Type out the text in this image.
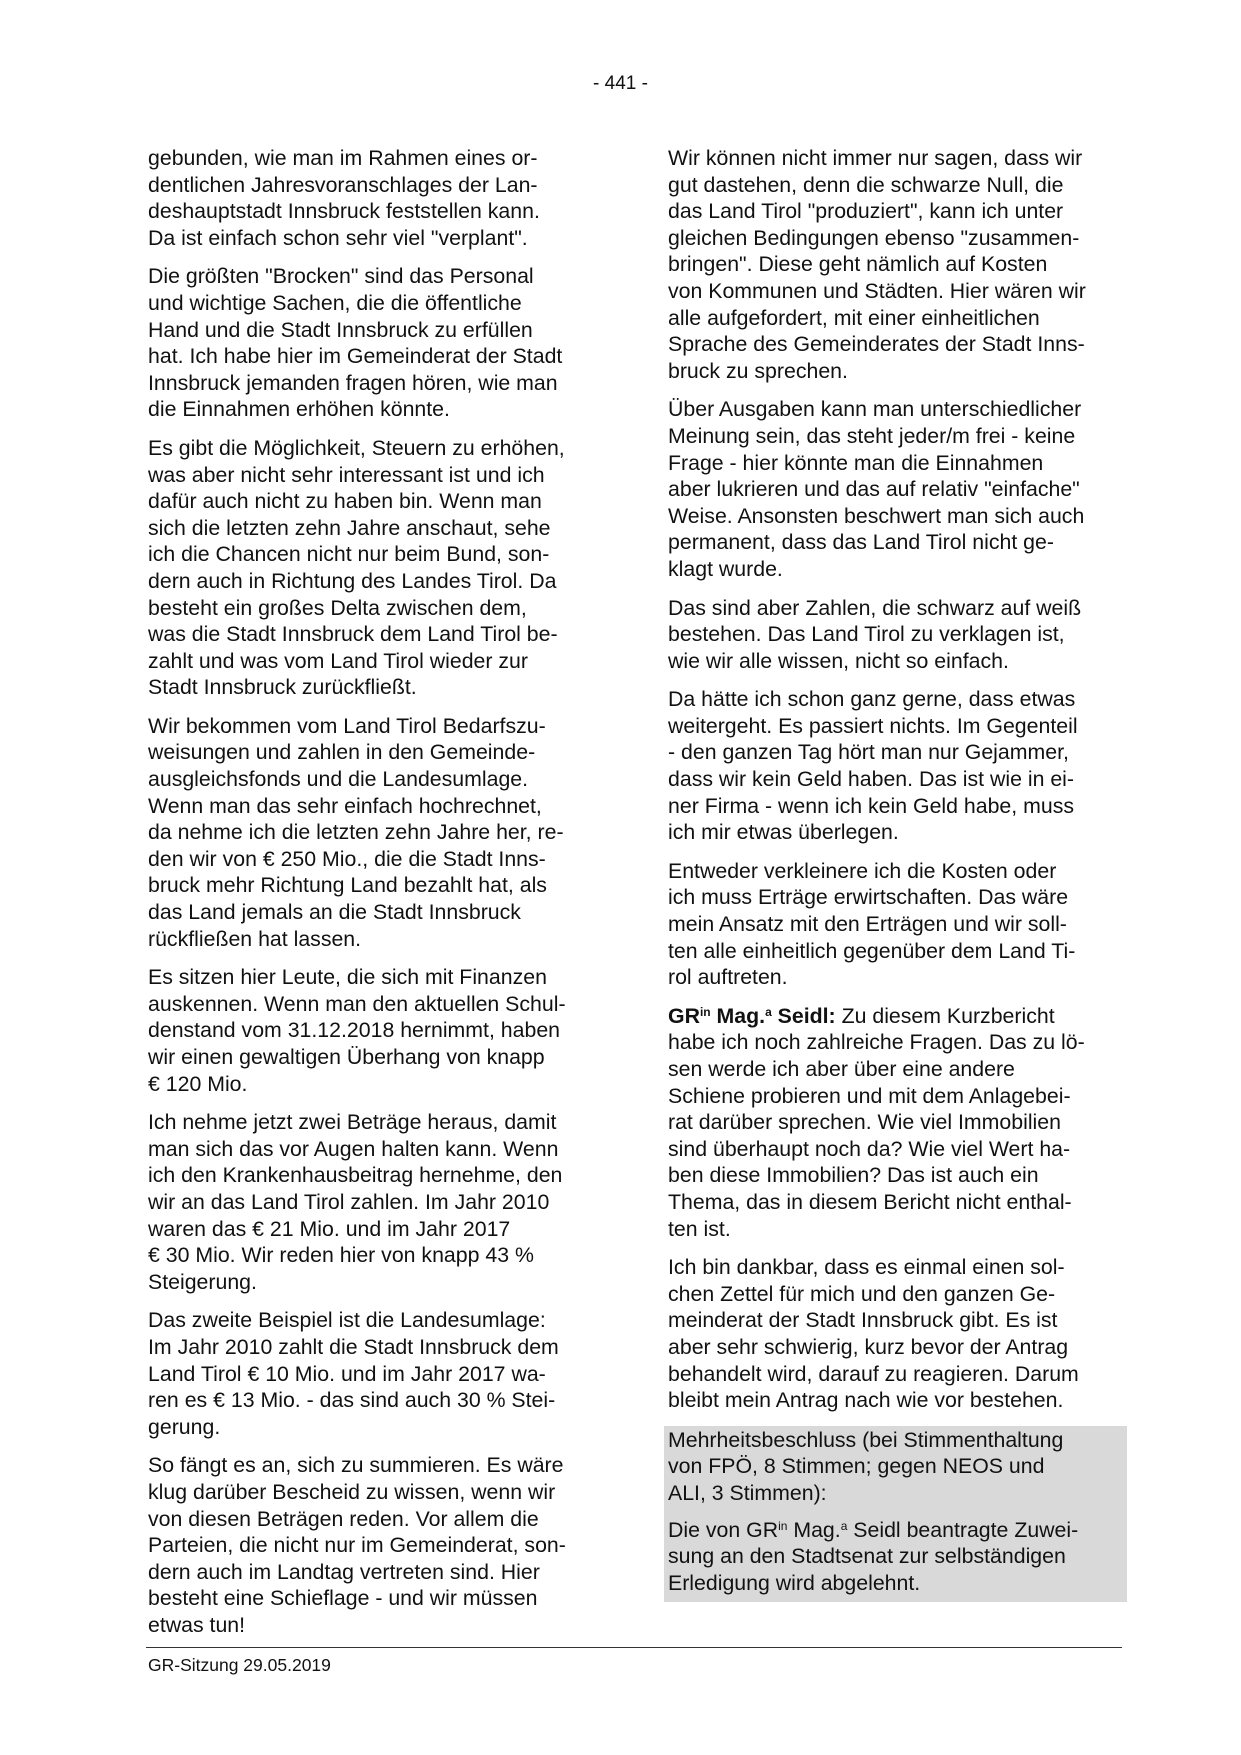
- 441 -

gebunden, wie man im Rahmen eines or-
dentlichen Jahresvoranschlages der Lan-
deshauptstadt Innsbruck feststellen kann.
Da ist einfach schon sehr viel "verplant".

Die größten "Brocken" sind das Personal
und wichtige Sachen, die die öffentliche
Hand und die Stadt Innsbruck zu erfüllen
hat. Ich habe hier im Gemeinderat der Stadt
Innsbruck jemanden fragen hören, wie man
die Einnahmen erhöhen könnte.

Es gibt die Möglichkeit, Steuern zu erhöhen,
was aber nicht sehr interessant ist und ich
dafür auch nicht zu haben bin. Wenn man
sich die letzten zehn Jahre anschaut, sehe
ich die Chancen nicht nur beim Bund, son-
dern auch in Richtung des Landes Tirol. Da
besteht ein großes Delta zwischen dem,
was die Stadt Innsbruck dem Land Tirol be-
zahlt und was vom Land Tirol wieder zur
Stadt Innsbruck zurückfließt.

Wir bekommen vom Land Tirol Bedarfszu-
weisungen und zahlen in den Gemeinde-
ausgleichsfonds und die Landesumlage.
Wenn man das sehr einfach hochrechnet,
da nehme ich die letzten zehn Jahre her, re-
den wir von € 250 Mio., die die Stadt Inns-
bruck mehr Richtung Land bezahlt hat, als
das Land jemals an die Stadt Innsbruck
rückfließen hat lassen.

Es sitzen hier Leute, die sich mit Finanzen
auskennen. Wenn man den aktuellen Schul-
denstand vom 31.12.2018 hernimmt, haben
wir einen gewaltigen Überhang von knapp
€ 120 Mio.

Ich nehme jetzt zwei Beträge heraus, damit
man sich das vor Augen halten kann. Wenn
ich den Krankenhausbeitrag hernehme, den
wir an das Land Tirol zahlen. Im Jahr 2010
waren das € 21 Mio. und im Jahr 2017
€ 30 Mio. Wir reden hier von knapp 43 %
Steigerung.

Das zweite Beispiel ist die Landesumlage:
Im Jahr 2010 zahlt die Stadt Innsbruck dem
Land Tirol € 10 Mio. und im Jahr 2017 wa-
ren es € 13 Mio. - das sind auch 30 % Stei-
gerung.

So fängt es an, sich zu summieren. Es wäre
klug darüber Bescheid zu wissen, wenn wir
von diesen Beträgen reden. Vor allem die
Parteien, die nicht nur im Gemeinderat, son-
dern auch im Landtag vertreten sind. Hier
besteht eine Schieflage - und wir müssen
etwas tun!

Wir können nicht immer nur sagen, dass wir
gut dastehen, denn die schwarze Null, die
das Land Tirol "produziert", kann ich unter
gleichen Bedingungen ebenso "zusammen-
bringen". Diese geht nämlich auf Kosten
von Kommunen und Städten. Hier wären wir
alle aufgefordert, mit einer einheitlichen
Sprache des Gemeinderates der Stadt Inns-
bruck zu sprechen.

Über Ausgaben kann man unterschiedlicher
Meinung sein, das steht jeder/m frei - keine
Frage - hier könnte man die Einnahmen
aber lukrieren und das auf relativ "einfache"
Weise. Ansonsten beschwert man sich auch
permanent, dass das Land Tirol nicht ge-
klagt wurde.

Das sind aber Zahlen, die schwarz auf weiß
bestehen. Das Land Tirol zu verklagen ist,
wie wir alle wissen, nicht so einfach.

Da hätte ich schon ganz gerne, dass etwas
weitergeht. Es passiert nichts. Im Gegenteil
- den ganzen Tag hört man nur Gejammer,
dass wir kein Geld haben. Das ist wie in ei-
ner Firma - wenn ich kein Geld habe, muss
ich mir etwas überlegen.

Entweder verkleinere ich die Kosten oder
ich muss Erträge erwirtschaften. Das wäre
mein Ansatz mit den Erträgen und wir soll-
ten alle einheitlich gegenüber dem Land Ti-
rol auftreten.

$GR^{in}$ Mag.$^a$ Seidl: Zu diesem Kurzbericht
habe ich noch zahlreiche Fragen. Das zu lö-
sen werde ich aber über eine andere
Schiene probieren und mit dem Anlagebei-
rat darüber sprechen. Wie viel Immobilien
sind überhaupt noch da? Wie viel Wert ha-
ben diese Immobilien? Das ist auch ein
Thema, das in diesem Bericht nicht enthal-
ten ist.

Ich bin dankbar, dass es einmal einen sol-
chen Zettel für mich und den ganzen Ge-
meinderat der Stadt Innsbruck gibt. Es ist
aber sehr schwierig, kurz bevor der Antrag
behandelt wird, darauf zu reagieren. Darum
bleibt mein Antrag nach wie vor bestehen.

Mehrheitsbeschluss (bei Stimmenthaltung
von FPÖ, 8 Stimmen; gegen NEOS und
ALI, 3 Stimmen):

Die von $GR^{in}$ Mag.$^a$ Seidl beantragte Zuwei-
sung an den Stadtsenat zur selbständigen
Erledigung wird abgelehnt.

GR-Sitzung 29.05.2019
